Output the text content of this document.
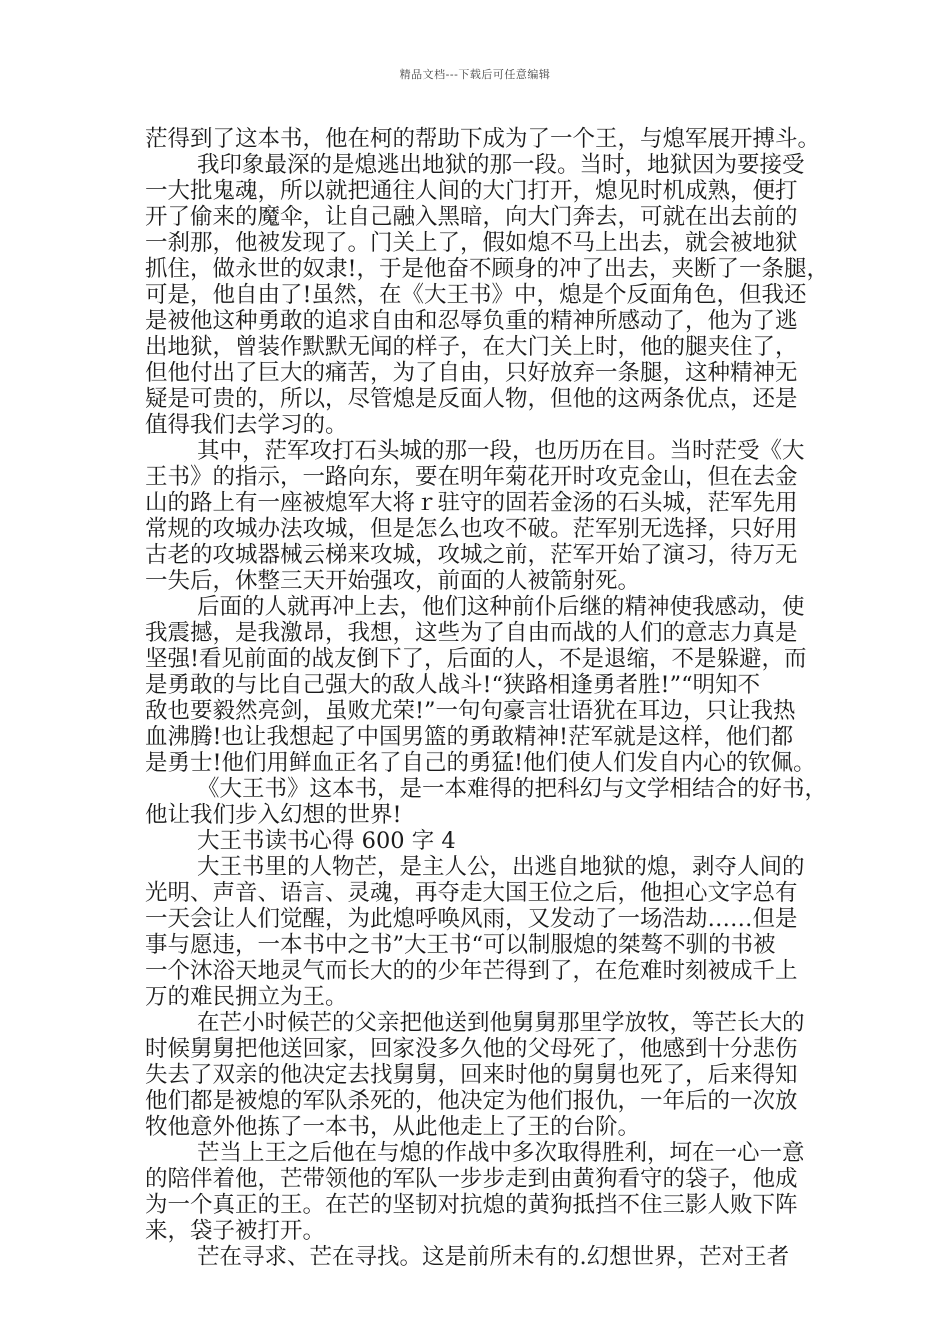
精品文档---下载后可任意编辑
茫得到了这本书，他在柯的帮助下成为了一个王，与熄军展开搏斗。
我印象最深的是熄逃出地狱的那一段。当时，地狱因为要接受
一大批鬼魂，所以就把通往人间的大门打开，熄见时机成熟，便打
开了偷来的魔伞，让自己融入黑暗，向大门奔去，可就在出去前的
一刹那，他被发现了。门关上了，假如熄不马上出去，就会被地狱
抓住，做永世的奴隶!，于是他奋不顾身的冲了出去，夹断了一条腿，
可是，他自由了!虽然，在《大王书》中，熄是个反面角色，但我还
是被他这种勇敢的追求自由和忍辱负重的精神所感动了，他为了逃
出地狱，曾装作默默无闻的样子，在大门关上时，他的腿夹住了，
但他付出了巨大的痛苦，为了自由，只好放弃一条腿，这种精神无
疑是可贵的，所以，尽管熄是反面人物，但他的这两条优点，还是
值得我们去学习的。
其中，茫军攻打石头城的那一段，也历历在目。当时茫受《大
王书》的指示，一路向东，要在明年菊花开时攻克金山，但在去金
山的路上有一座被熄军大将ｒ驻守的固若金汤的石头城，茫军先用
常规的攻城办法攻城，但是怎么也攻不破。茫军别无选择，只好用
古老的攻城器械云梯来攻城，攻城之前，茫军开始了演习，待万无
一失后，休整三天开始强攻，前面的人被箭射死。
后面的人就再冲上去，他们这种前仆后继的精神使我感动，使
我震撼，是我激昂，我想，这些为了自由而战的人们的意志力真是
坚强!看见前面的战友倒下了，后面的人，不是退缩，不是躲避，而
是勇敢的与比自己强大的敌人战斗!“狭路相逢勇者胜!”“明知不
敌也要毅然亮剑，虽败尤荣!”一句句豪言壮语犹在耳边，只让我热
血沸腾!也让我想起了中国男篮的勇敢精神!茫军就是这样，他们都
是勇士!他们用鲜血正名了自己的勇猛!他们使人们发自内心的钦佩。
《大王书》这本书，是一本难得的把科幻与文学相结合的好书，
他让我们步入幻想的世界!
大王书读书心得 600 字 4
大王书里的人物芒，是主人公，出逃自地狱的熄，剥夺人间的
光明、声音、语言、灵魂，再夺走大国王位之后，他担心文字总有
一天会让人们觉醒，为此熄呼唤风雨，又发动了一场浩劫……但是
事与愿违，一本书中之书”大王书“可以制服熄的桀骜不驯的书被
一个沐浴天地灵气而长大的的少年芒得到了，在危难时刻被成千上
万的难民拥立为王。
在芒小时候芒的父亲把他送到他舅舅那里学放牧，等芒长大的
时候舅舅把他送回家，回家没多久他的父母死了，他感到十分悲伤
失去了双亲的他决定去找舅舅，回来时他的舅舅也死了，后来得知
他们都是被熄的军队杀死的，他决定为他们报仇，一年后的一次放
牧他意外他拣了一本书，从此他走上了王的台阶。
芒当上王之后他在与熄的作战中多次取得胜利，坷在一心一意
的陪伴着他，芒带领他的军队一步步走到由黄狗看守的袋子，他成
为一个真正的王。在芒的坚韧对抗熄的黄狗抵挡不住三影人败下阵
来，袋子被打开。
芒在寻求、芒在寻找。这是前所未有的.幻想世界，芒对王者
